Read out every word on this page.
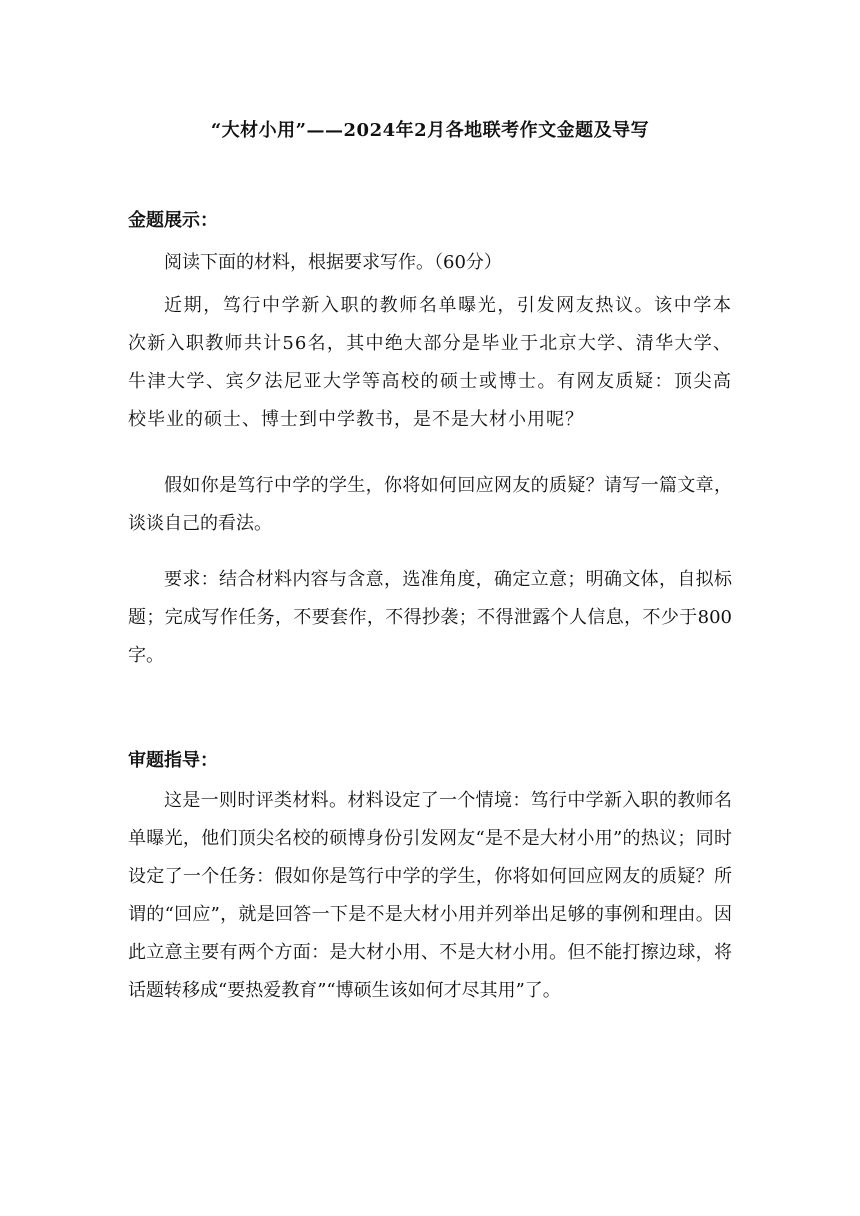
“大材小用”——2024年2月各地联考作文金题及导写
金题展示：
阅读下面的材料，根据要求写作。（60分）
近期，笃行中学新入职的教师名单曝光，引发网友热议。该中学本次新入职教师共计56名，其中绝大部分是毕业于北京大学、清华大学、牛津大学、宾夕法尼亚大学等高校的硕士或博士。有网友质疑：顶尖高校毕业的硕士、博士到中学教书，是不是大材小用呢？
假如你是笃行中学的学生，你将如何回应网友的质疑？请写一篇文章，谈谈自己的看法。
要求：结合材料内容与含意，选准角度，确定立意；明确文体，自拟标题；完成写作任务，不要套作，不得抄袭；不得泄露个人信息，不少于800字。
审题指导：
这是一则时评类材料。材料设定了一个情境：笃行中学新入职的教师名单曝光，他们顶尖名校的硕博身份引发网友“是不是大材小用”的热议；同时设定了一个任务：假如你是笃行中学的学生，你将如何回应网友的质疑？所谓的“回应”，就是回答一下是不是大材小用并列举出足够的事例和理由。因此立意主要有两个方面：是大材小用、不是大材小用。但不能打擦边球，将话题转移成“要热爱教育”“博硕生该如何才尽其用”了。
